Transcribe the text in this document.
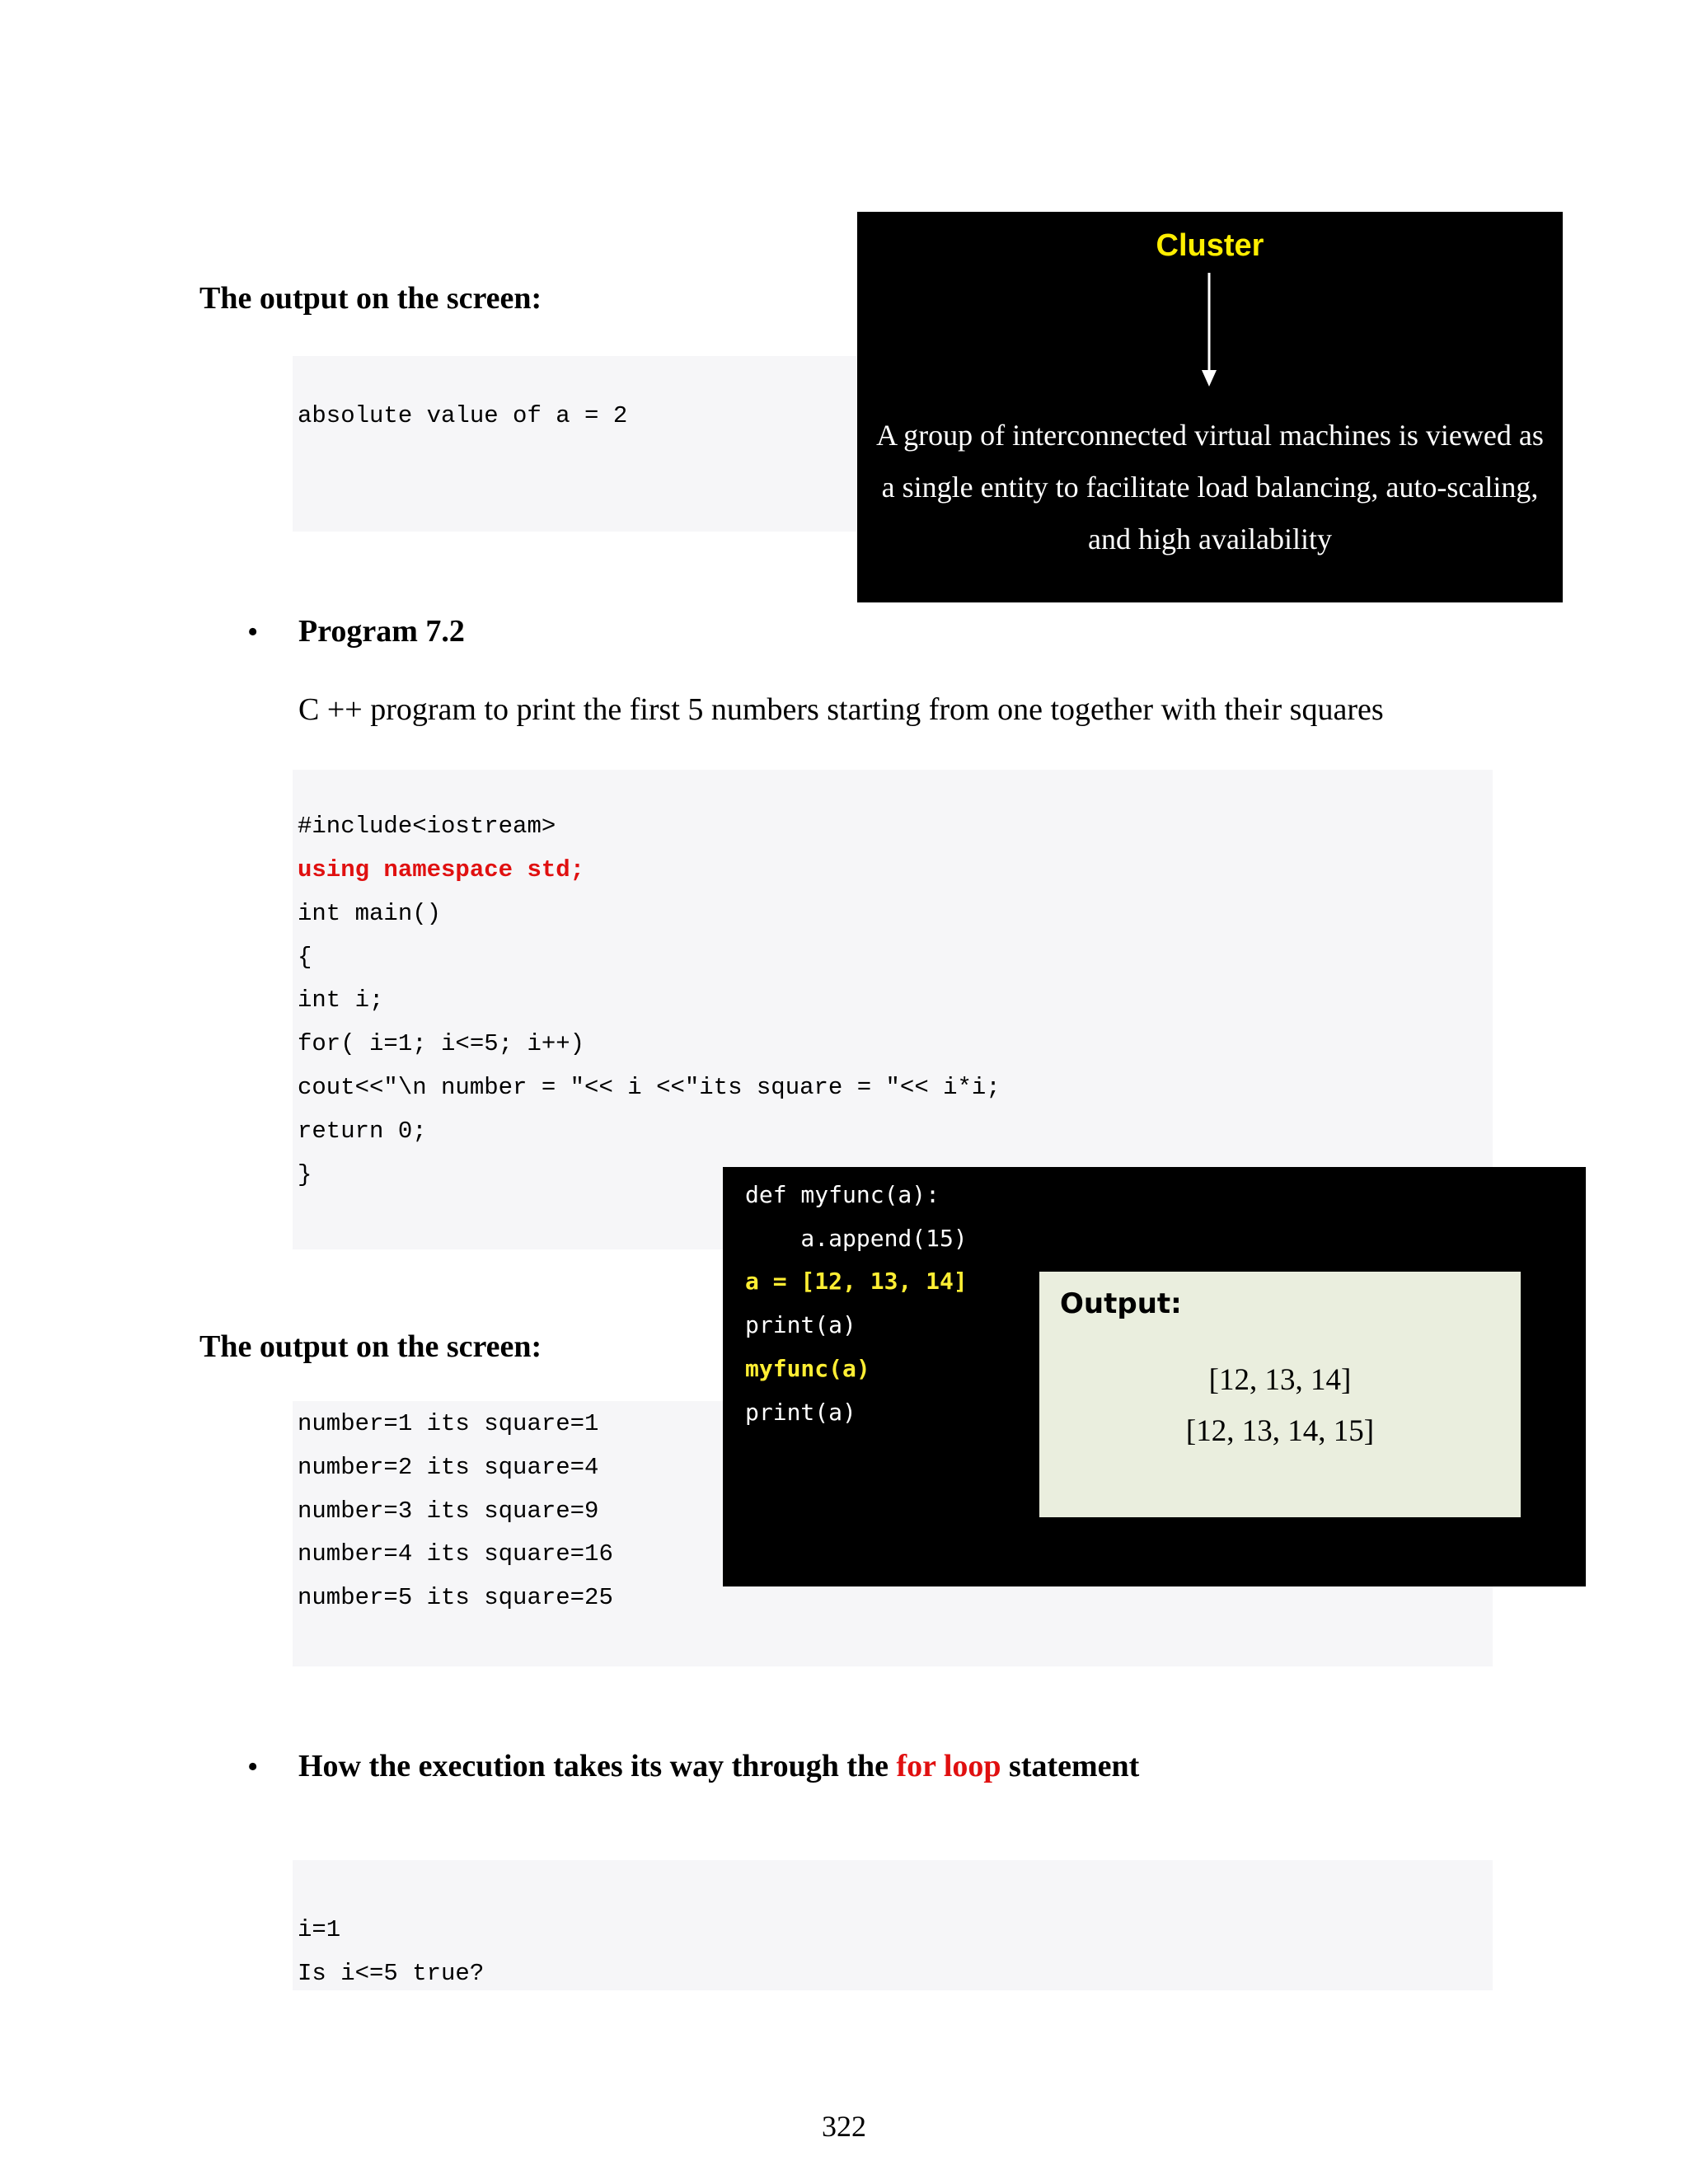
The output on the screen:
absolute value of a = 2
Cluster
A group of interconnected virtual machines is viewed as a single entity to facilitate load balancing, auto-scaling, and high availability
• Program 7.2
C ++ program to print the first 5 numbers starting from one together with their squares
#include<iostream>
using namespace std;
int main()
{
int i;
for( i=1; i<=5; i++)
cout<<"\n number = "<< i <<"its square = "<< i*i;
return 0;
}
The output on the screen:
number=1 its square=1
number=2 its square=4
number=3 its square=9
number=4 its square=16
number=5 its square=25
def myfunc(a):
a.append(15)
a = [12, 13, 14]
print(a)
myfunc(a)
print(a)
Output:
[12, 13, 14]
[12, 13, 14, 15]
• How the execution takes its way through the for loop statement
i=1
Is i<=5 true?
322
